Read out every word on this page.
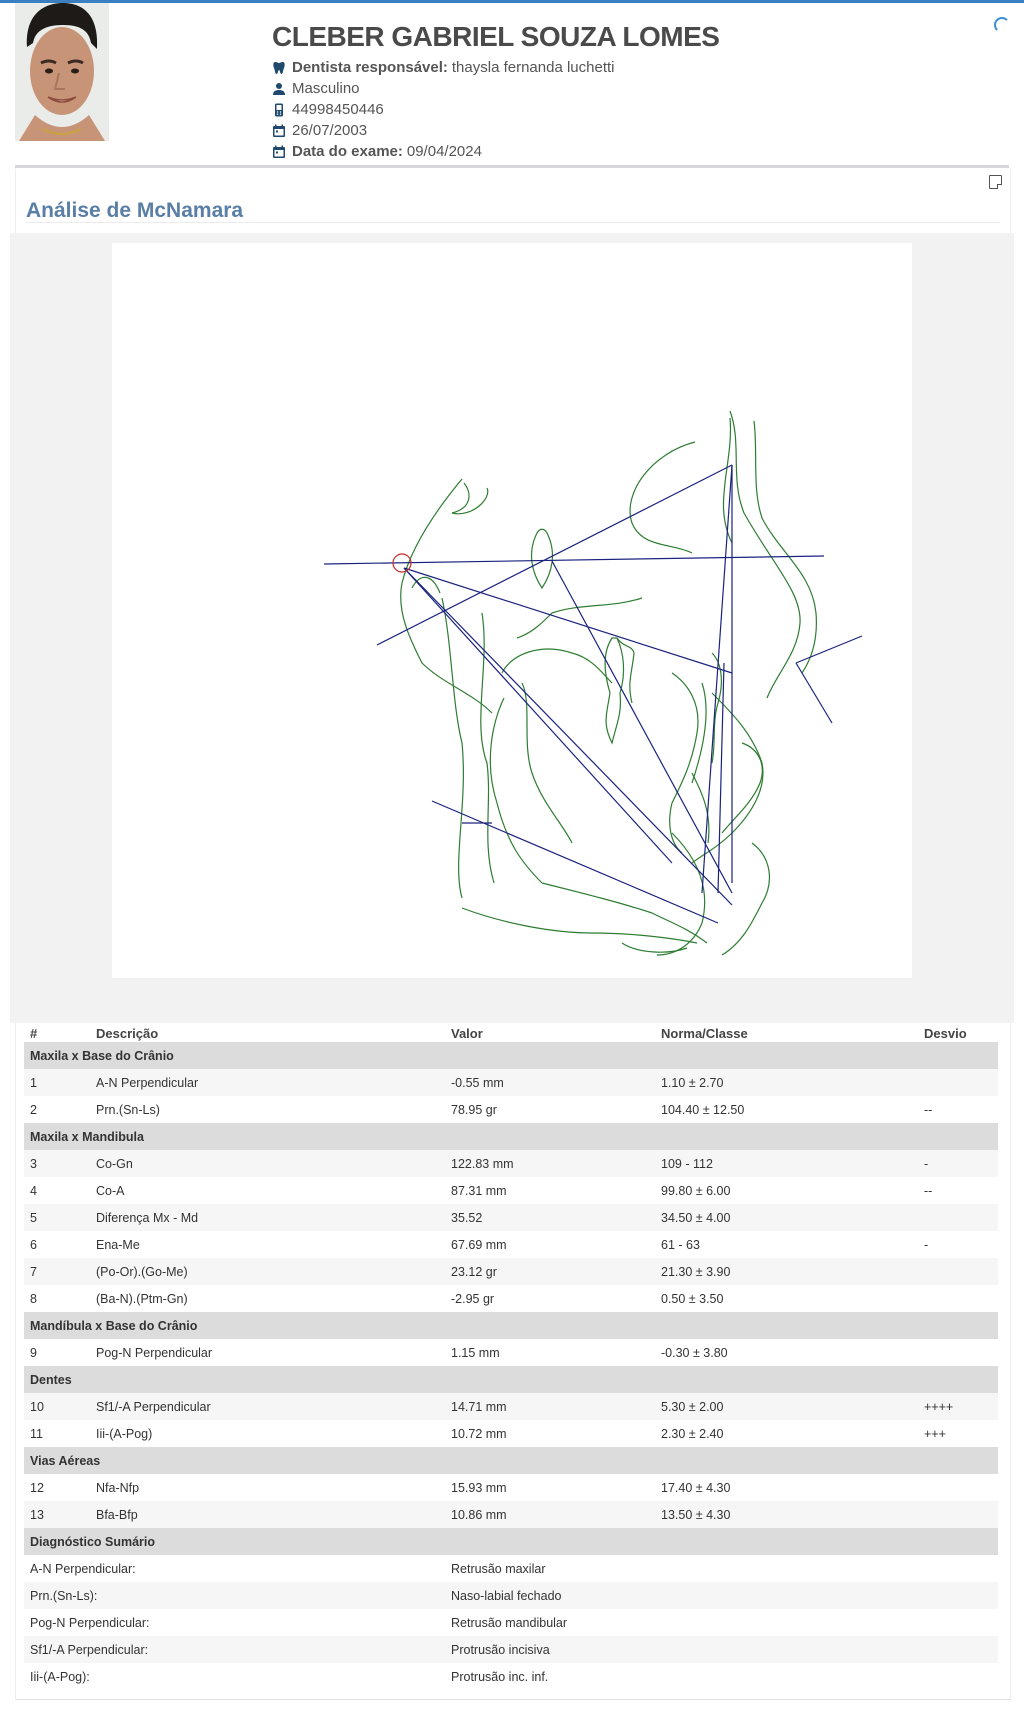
CLEBER GABRIEL SOUZA LOMES
Dentista responsável: thaysla fernanda luchetti
Masculino
44998450446
26/07/2003
Data do exame: 09/04/2024
Análise de McNamara
#	Descrição	Valor	Norma/Classe	Desvio
Maxila x Base do Crânio				
1	A-N Perpendicular	-0.55 mm	1.10 ± 2.70	
2	Prn.(Sn-Ls)	78.95 gr	104.40 ± 12.50	--
Maxila x Mandibula				
3	Co-Gn	122.83 mm	109 - 112	-
4	Co-A	87.31 mm	99.80 ± 6.00	--
5	Diferença Mx - Md	35.52	34.50 ± 4.00	
6	Ena-Me	67.69 mm	61 - 63	-
7	(Po-Or).(Go-Me)	23.12 gr	21.30 ± 3.90	
8	(Ba-N).(Ptm-Gn)	-2.95 gr	0.50 ± 3.50	
Mandíbula x Base do Crânio				
9	Pog-N Perpendicular	1.15 mm	-0.30 ± 3.80	
Dentes				
10	Sf1/-A Perpendicular	14.71 mm	5.30 ± 2.00	++++
11	Iii-(A-Pog)	10.72 mm	2.30 ± 2.40	+++
Vias Aéreas				
12	Nfa-Nfp	15.93 mm	17.40 ± 4.30	
13	Bfa-Bfp	10.86 mm	13.50 ± 4.30	
Diagnóstico Sumário				
A-N Perpendicular:		Retrusão maxilar		
Prn.(Sn-Ls):		Naso-labial fechado		
Pog-N Perpendicular:		Retrusão mandibular		
Sf1/-A Perpendicular:		Protrusão incisiva		
Iii-(A-Pog):		Protrusão inc. inf.		
